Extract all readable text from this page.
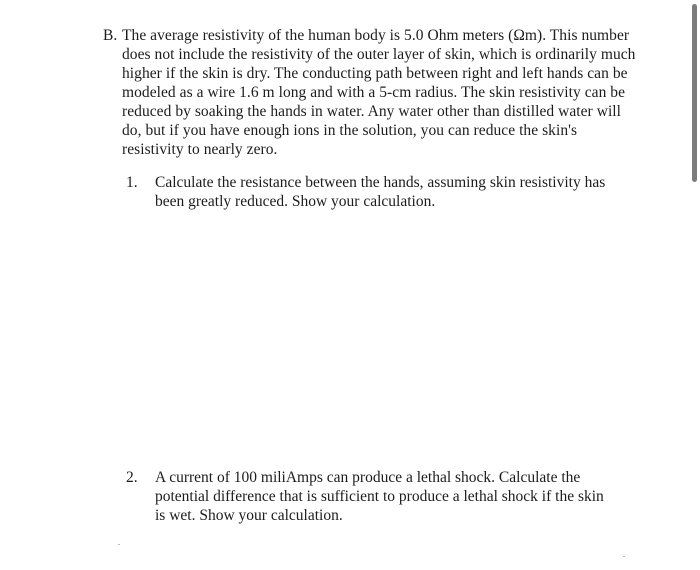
B. The average resistivity of the human body is 5.0 Ohm meters (Ωm). This number
does not include the resistivity of the outer layer of skin, which is ordinarily much
higher if the skin is dry. The conducting path between right and left hands can be
modeled as a wire 1.6 m long and with a 5-cm radius. The skin resistivity can be
reduced by soaking the hands in water. Any water other than distilled water will
do, but if you have enough ions in the solution, you can reduce the skin's
resistivity to nearly zero.
1. Calculate the resistance between the hands, assuming skin resistivity has
been greatly reduced. Show your calculation.
2. A current of 100 miliAmps can produce a lethal shock. Calculate the
potential difference that is sufficient to produce a lethal shock if the skin
is wet. Show your calculation.
